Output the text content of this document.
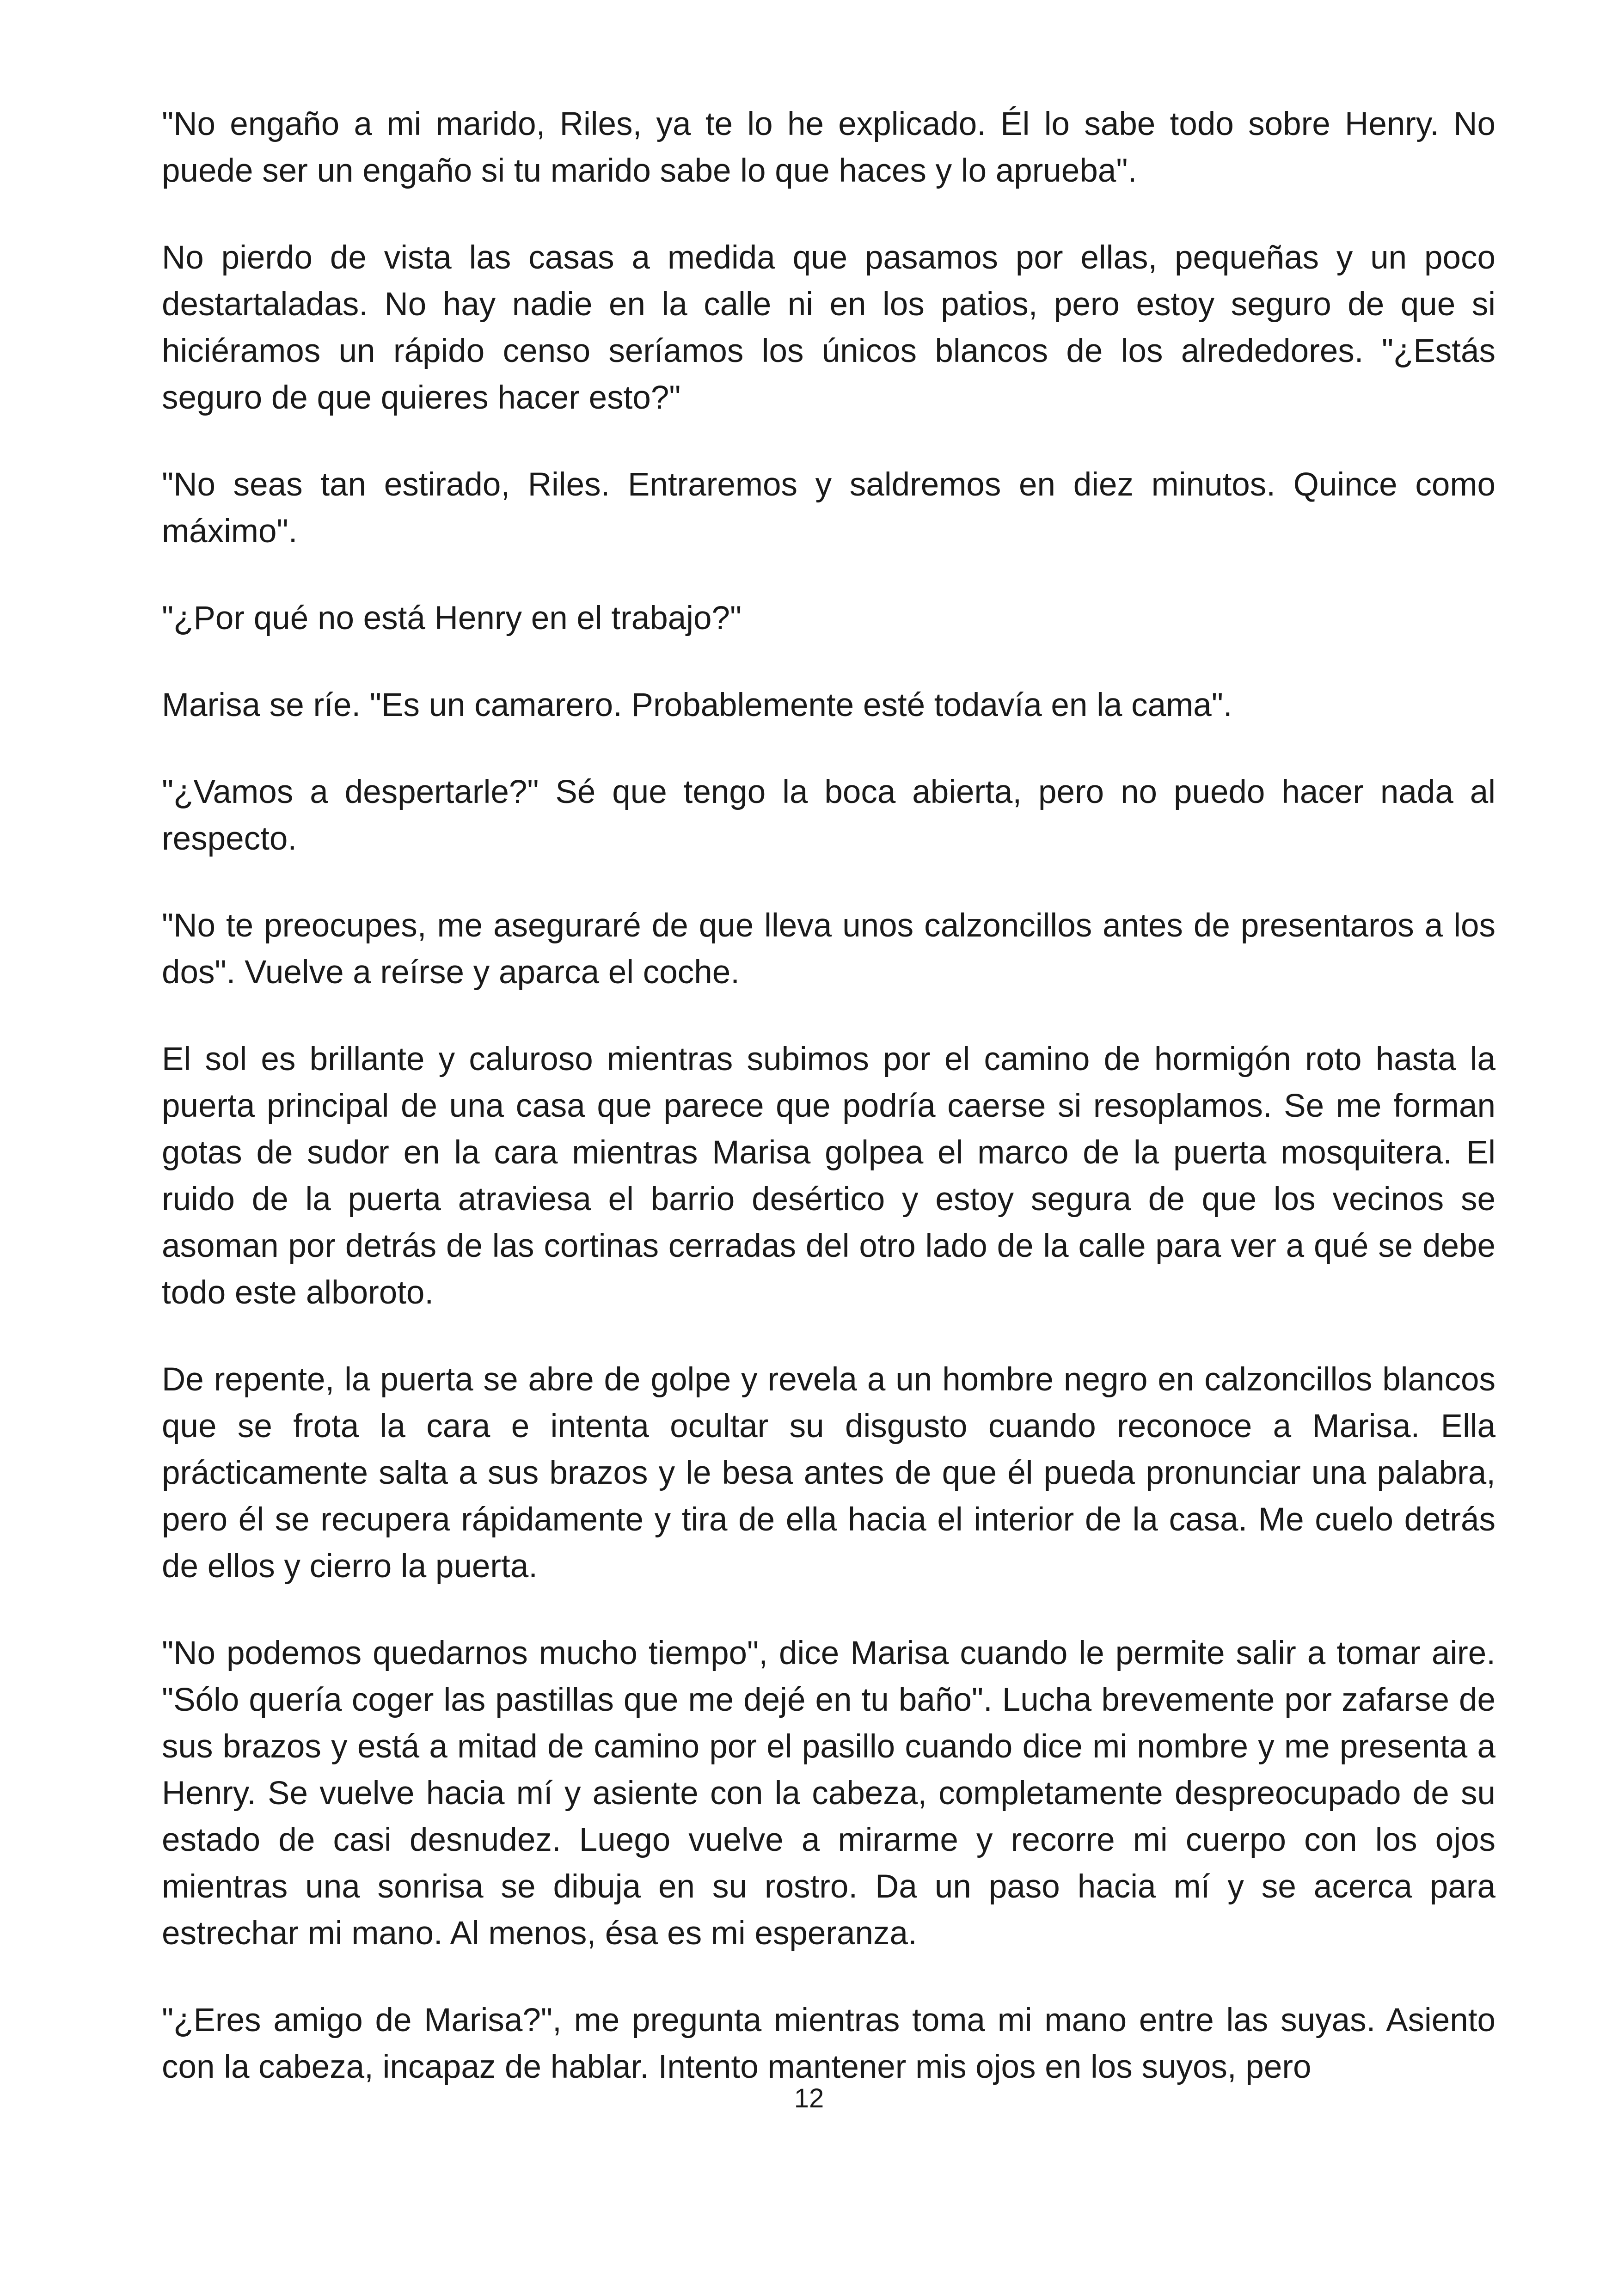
"No engaño a mi marido, Riles, ya te lo he explicado. Él lo sabe todo sobre Henry. No puede ser un engaño si tu marido sabe lo que haces y lo aprueba".

No pierdo de vista las casas a medida que pasamos por ellas, pequeñas y un poco destartaladas. No hay nadie en la calle ni en los patios, pero estoy seguro de que si hiciéramos un rápido censo seríamos los únicos blancos de los alrededores. "¿Estás seguro de que quieres hacer esto?"

"No seas tan estirado, Riles. Entraremos y saldremos en diez minutos. Quince como máximo".

"¿Por qué no está Henry en el trabajo?"

Marisa se ríe. "Es un camarero. Probablemente esté todavía en la cama".

"¿Vamos a despertarle?" Sé que tengo la boca abierta, pero no puedo hacer nada al respecto.

"No te preocupes, me aseguraré de que lleva unos calzoncillos antes de presentaros a los dos". Vuelve a reírse y aparca el coche.

El sol es brillante y caluroso mientras subimos por el camino de hormigón roto hasta la puerta principal de una casa que parece que podría caerse si resoplamos. Se me forman gotas de sudor en la cara mientras Marisa golpea el marco de la puerta mosquitera. El ruido de la puerta atraviesa el barrio desértico y estoy segura de que los vecinos se asoman por detrás de las cortinas cerradas del otro lado de la calle para ver a qué se debe todo este alboroto.

De repente, la puerta se abre de golpe y revela a un hombre negro en calzoncillos blancos que se frota la cara e intenta ocultar su disgusto cuando reconoce a Marisa. Ella prácticamente salta a sus brazos y le besa antes de que él pueda pronunciar una palabra, pero él se recupera rápidamente y tira de ella hacia el interior de la casa. Me cuelo detrás de ellos y cierro la puerta.

"No podemos quedarnos mucho tiempo", dice Marisa cuando le permite salir a tomar aire. "Sólo quería coger las pastillas que me dejé en tu baño". Lucha brevemente por zafarse de sus brazos y está a mitad de camino por el pasillo cuando dice mi nombre y me presenta a Henry. Se vuelve hacia mí y asiente con la cabeza, completamente despreocupado de su estado de casi desnudez. Luego vuelve a mirarme y recorre mi cuerpo con los ojos mientras una sonrisa se dibuja en su rostro. Da un paso hacia mí y se acerca para estrechar mi mano. Al menos, ésa es mi esperanza.

"¿Eres amigo de Marisa?", me pregunta mientras toma mi mano entre las suyas. Asiento con la cabeza, incapaz de hablar. Intento mantener mis ojos en los suyos, pero

12
